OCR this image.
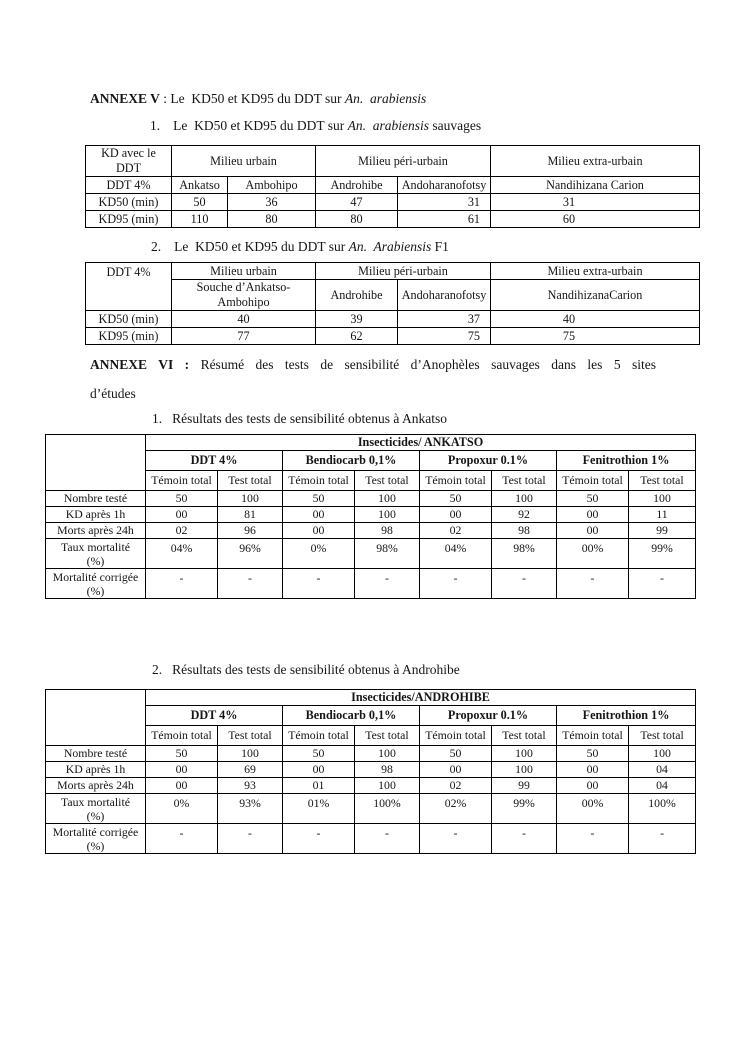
ANNEXE V : Le  KD50 et KD95 du DDT sur An.  arabiensis
1. Le  KD50 et KD95 du DDT sur An.  arabiensis sauvages
KD avec le DDT	Milieu urbain		Milieu péri-urbain		Milieu extra-urbain
DDT 4%	Ankatso	Ambohipo	Androhibe	Andoharanofotsy	Nandihizana Carion
KD50 (min)	50	36	47	31	31
KD95 (min)	110	80	80	61	60
2. Le  KD50 et KD95 du DDT sur An.  Arabiensis F1
DDT 4%	Milieu urbain	Milieu péri-urbain		Milieu extra-urbain
	Souche d’Ankatso-Ambohipo	Androhibe	Andoharanofotsy	NandihizanaCarion
KD50 (min)	40	39	37	40
KD95 (min)	77	62	75	75
ANNEXE VI : Résumé des tests de sensibilité d’Anophèles sauvages dans les 5 sites
d’études
1. Résultats des tests de sensibilité obtenus à Ankatso
	Insecticides/ ANKATSO							
	DDT 4%		Bendiocarb 0,1%		Propoxur 0.1%		Fenitrothion 1%	
	Témoin total	Test total	Témoin total	Test total	Témoin total	Test total	Témoin total	Test total
Nombre testé	50	100	50	100	50	100	50	100
KD après 1h	00	81	00	100	00	92	00	11
Morts après 24h	02	96	00	98	02	98	00	99

Taux mortalité
(%)	04%	96%	0%	98%	04%	98%	00%	99%

Mortalité corrigée
(%)	-	-	-	-	-	-	-	-
2. Résultats des tests de sensibilité obtenus à Androhibe
	Insecticides/ANDROHIBE							
	DDT 4%		Bendiocarb 0,1%		Propoxur 0.1%		Fenitrothion 1%	
	Témoin total	Test total	Témoin total	Test total	Témoin total	Test total	Témoin total	Test total
Nombre testé	50	100	50	100	50	100	50	100
KD après 1h	00	69	00	98	00	100	00	04
Morts après 24h	00	93	01	100	02	99	00	04

Taux mortalité
(%)	0%	93%	01%	100%	02%	99%	00%	100%

Mortalité corrigée
(%)	-	-	-	-	-	-	-	-
